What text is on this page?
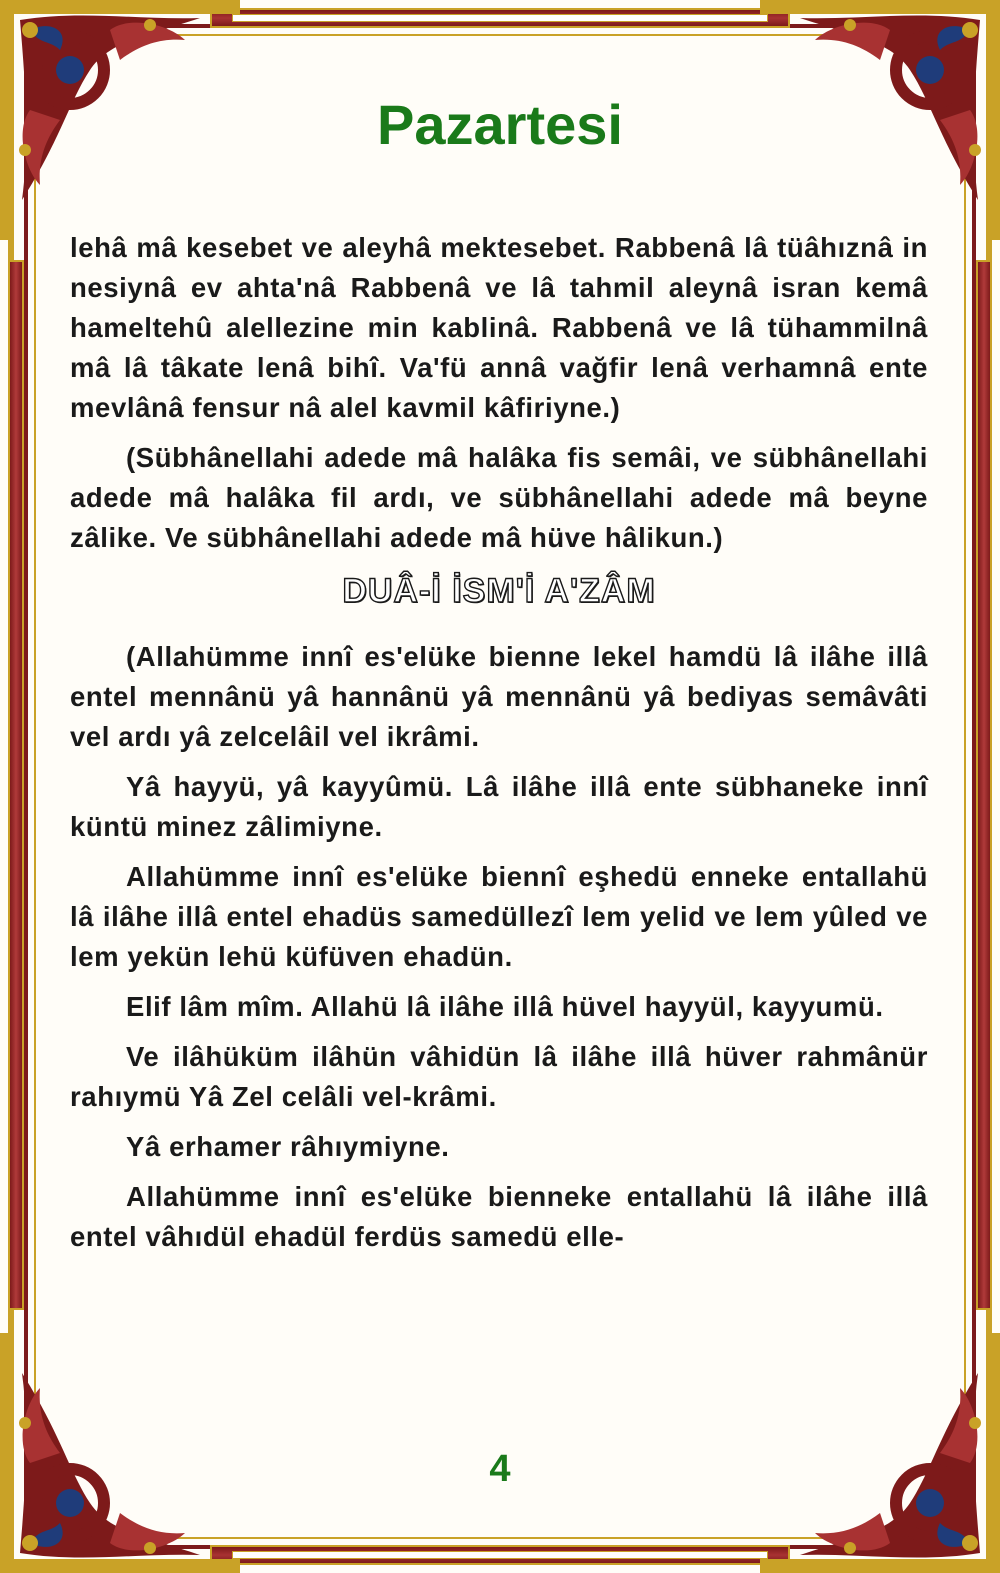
Pazartesi

lehâ mâ kesebet ve aleyhâ mektesebet. Rabbenâ lâ tüâhıznâ in nesiynâ ev ahta'nâ Rabbenâ ve lâ tahmil aleynâ isran kemâ hameltehû alellezine min kablinâ. Rabbenâ ve lâ tühammilnâ mâ lâ tâkate lenâ bihî. Va'fü annâ vağfir lenâ verhamnâ ente mevlânâ fensur nâ alel kavmil kâfiriyne.)

(Sübhânellahi adede mâ halâka fis semâi, ve sübhânellahi adede mâ halâka fil ardı, ve sübhânellahi adede mâ beyne zâlike. Ve sübhânellahi adede mâ hüve hâlikun.)

DUÂ-İ İSM'İ A'ZÂM

(Allahümme innî es'elüke bienne lekel hamdü lâ ilâhe illâ entel mennânü yâ hannânü yâ mennânü yâ bediyas semâvâti vel ardı yâ zelcelâil vel ikrâmi.

Yâ hayyü, yâ kayyûmü. Lâ ilâhe illâ ente sübhaneke innî küntü minez zâlimiyne.

Allahümme innî es'elüke biennî eşhedü enneke entallahü lâ ilâhe illâ entel ehadüs samedüllezî lem yelid ve lem yûled ve lem yekün lehü küfüven ehadün.

Elif lâm mîm. Allahü lâ ilâhe illâ hüvel hayyül, kayyumü.

Ve ilâhüküm ilâhün vâhidün lâ ilâhe illâ hüver rahmânür rahıymü Yâ Zel celâli vel-krâmi.

Yâ erhamer râhıymiyne.

Allahümme innî es'elüke bienneke entallahü lâ ilâhe illâ entel vâhıdül ehadül ferdüs samedü elle-

4
